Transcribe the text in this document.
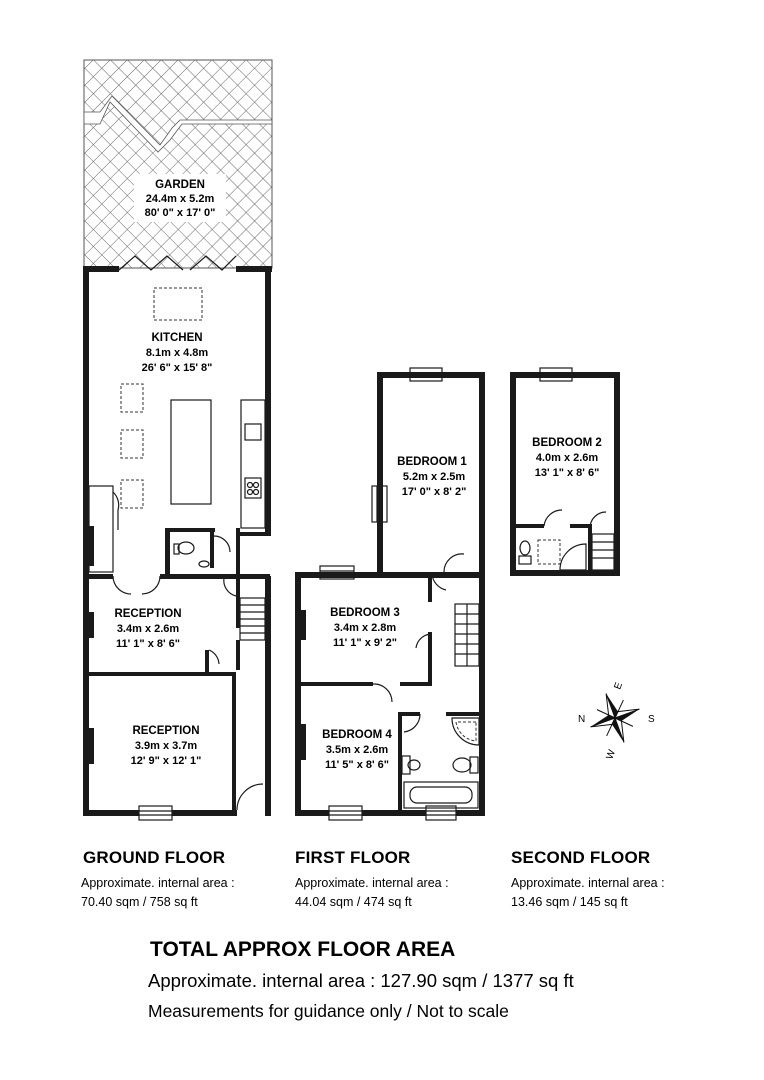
GARDEN
24.4m x 5.2m
80' 0" x 17' 0"
KITCHEN
8.1m x 4.8m
26' 6" x 15' 8"
RECEPTION
3.4m x 2.6m
11' 1" x 8' 6"
RECEPTION
3.9m x 3.7m
12' 9" x 12' 1"
BEDROOM 1
5.2m x 2.5m
17' 0" x 8' 2"
BEDROOM 3
3.4m x 2.8m
11' 1" x 9' 2"
BEDROOM 4
3.5m x 2.6m
11' 5" x 8' 6"
BEDROOM 2
4.0m x 2.6m
13' 1" x 8' 6"
N
E
S
W
GROUND FLOOR
Approximate. internal area :
70.40 sqm / 758 sq ft
FIRST FLOOR
Approximate. internal area :
44.04 sqm / 474 sq ft
SECOND FLOOR
Approximate. internal area :
13.46 sqm / 145 sq ft
TOTAL APPROX FLOOR AREA
Approximate. internal area : 127.90 sqm / 1377 sq ft
Measurements for guidance only / Not to scale
